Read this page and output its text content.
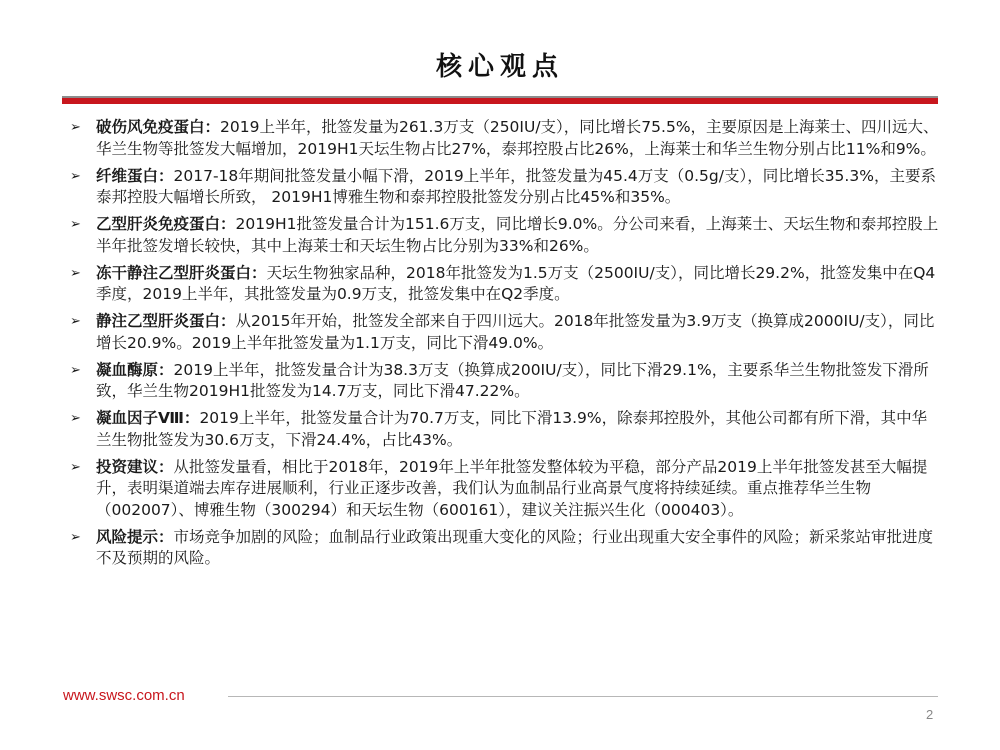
核心观点
➢ 破伤风免疫蛋白：2019上半年，批签发量为261.3万支（250IU/支），同比增长75.5%，主要原因是上海莱士、四川远大、华兰生物等批签发大幅增加，2019H1天坛生物占比27%，泰邦控股占比26%，上海莱士和华兰生物分别占比11%和9%。
➢ 纤维蛋白：2017-18年期间批签发量小幅下滑，2019上半年，批签发量为45.4万支（0.5g/支），同比增长35.3%，主要系泰邦控股大幅增长所致， 2019H1博雅生物和泰邦控股批签发分别占比45%和35%。
➢ 乙型肝炎免疫蛋白：2019H1批签发量合计为151.6万支，同比增长9.0%。分公司来看，上海莱士、天坛生物和泰邦控股上半年批签发增长较快，其中上海莱士和天坛生物占比分别为33%和26%。
➢ 冻干静注乙型肝炎蛋白：天坛生物独家品种，2018年批签发为1.5万支（2500IU/支），同比增长29.2%，批签发集中在Q4季度，2019上半年，其批签发量为0.9万支，批签发集中在Q2季度。
➢ 静注乙型肝炎蛋白：从2015年开始，批签发全部来自于四川远大。2018年批签发量为3.9万支（换算成2000IU/支），同比增长20.9%。2019上半年批签发量为1.1万支，同比下滑49.0%。
➢ 凝血酶原：2019上半年，批签发量合计为38.3万支（换算成200IU/支），同比下滑29.1%，主要系华兰生物批签发下滑所致，华兰生物2019H1批签发为14.7万支，同比下滑47.22%。
➢ 凝血因子Ⅷ：2019上半年，批签发量合计为70.7万支，同比下滑13.9%，除泰邦控股外，其他公司都有所下滑，其中华兰生物批签发为30.6万支，下滑24.4%，占比43%。
➢ 投资建议：从批签发量看，相比于2018年，2019年上半年批签发整体较为平稳，部分产品2019上半年批签发甚至大幅提升，表明渠道端去库存进展顺利，行业正逐步改善，我们认为血制品行业高景气度将持续延续。重点推荐华兰生物（002007）、博雅生物（300294）和天坛生物（600161），建议关注振兴生化（000403）。
➢ 风险提示：市场竞争加剧的风险；血制品行业政策出现重大变化的风险；行业出现重大安全事件的风险；新采浆站审批进度不及预期的风险。
www.swsc.com.cn
2
